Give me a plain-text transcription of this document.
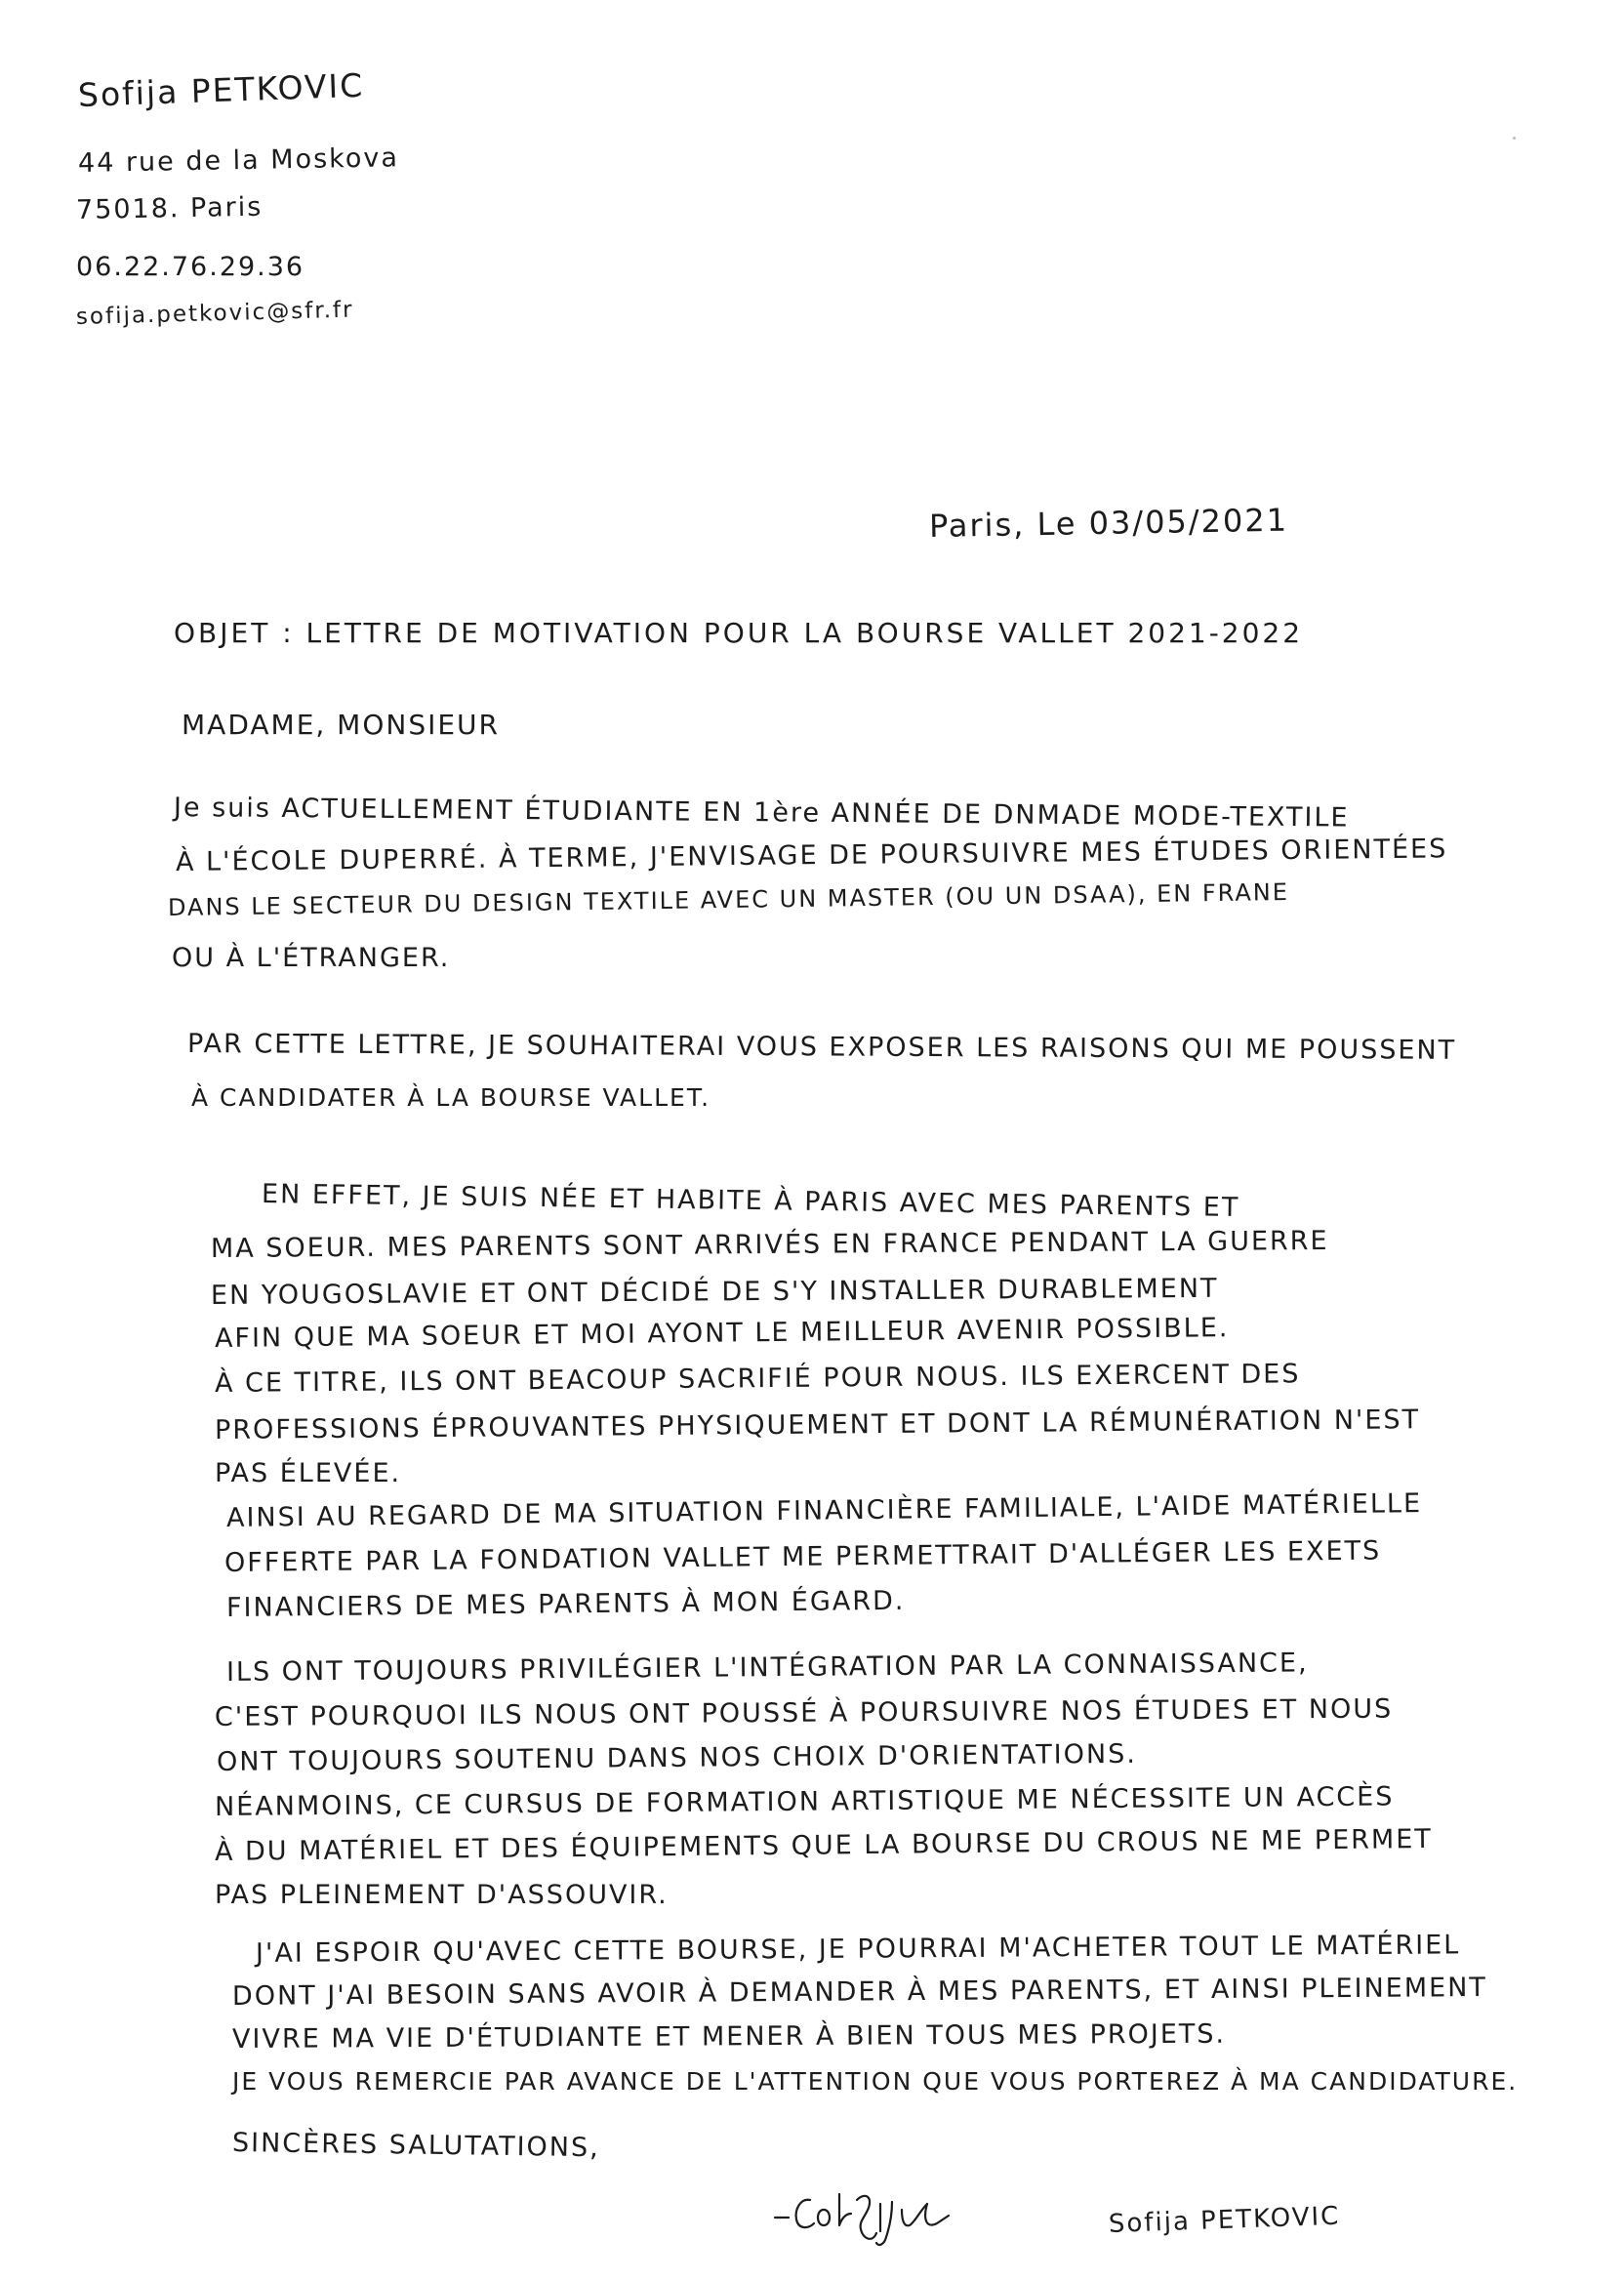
Sofija PETKOVIC
44 rue de la Moskova
75018. Paris
06.22.76.29.36
sofija.petkovic@sfr.fr
Paris, Le 03/05/2021
OBJET : LETTRE DE MOTIVATION POUR LA BOURSE VALLET 2021-2022
MADAME, MONSIEUR
Je suis ACTUELLEMENT ÉTUDIANTE EN 1ère ANNÉE DE DNMADE MODE-TEXTILE
À L'ÉCOLE DUPERRÉ. À TERME, J'ENVISAGE DE POURSUIVRE MES ÉTUDES ORIENTÉES
DANS LE SECTEUR DU DESIGN TEXTILE AVEC UN MASTER (OU UN DSAA), EN FRANE
OU À L'ÉTRANGER.
PAR CETTE LETTRE, JE SOUHAITERAI VOUS EXPOSER LES RAISONS QUI ME POUSSENT
À CANDIDATER À LA BOURSE VALLET.
EN EFFET, JE SUIS NÉE ET HABITE À PARIS AVEC MES PARENTS ET
MA SOEUR. MES PARENTS SONT ARRIVÉS EN FRANCE PENDANT LA GUERRE
EN YOUGOSLAVIE ET ONT DÉCIDÉ DE S'Y INSTALLER DURABLEMENT
AFIN QUE MA SOEUR ET MOI AYONT LE MEILLEUR AVENIR POSSIBLE.
À CE TITRE, ILS ONT BEACOUP SACRIFIÉ POUR NOUS. ILS EXERCENT DES
PROFESSIONS ÉPROUVANTES PHYSIQUEMENT ET DONT LA RÉMUNÉRATION N'EST
PAS ÉLEVÉE.
AINSI AU REGARD DE MA SITUATION FINANCIÈRE FAMILIALE, L'AIDE MATÉRIELLE
OFFERTE PAR LA FONDATION VALLET ME PERMETTRAIT D'ALLÉGER LES EXETS
FINANCIERS DE MES PARENTS À MON ÉGARD.
ILS ONT TOUJOURS PRIVILÉGIER L'INTÉGRATION PAR LA CONNAISSANCE,
C'EST POURQUOI ILS NOUS ONT POUSSÉ À POURSUIVRE NOS ÉTUDES ET NOUS
ONT TOUJOURS SOUTENU DANS NOS CHOIX D'ORIENTATIONS.
NÉANMOINS, CE CURSUS DE FORMATION ARTISTIQUE ME NÉCESSITE UN ACCÈS
À DU MATÉRIEL ET DES ÉQUIPEMENTS QUE LA BOURSE DU CROUS NE ME PERMET
PAS PLEINEMENT D'ASSOUVIR.
J'AI ESPOIR QU'AVEC CETTE BOURSE, JE POURRAI M'ACHETER TOUT LE MATÉRIEL
DONT J'AI BESOIN SANS AVOIR À DEMANDER À MES PARENTS, ET AINSI PLEINEMENT
VIVRE MA VIE D'ÉTUDIANTE ET MENER À BIEN TOUS MES PROJETS.
JE VOUS REMERCIE PAR AVANCE DE L'ATTENTION QUE VOUS PORTEREZ À MA CANDIDATURE.
SINCÈRES SALUTATIONS,
Sofija PETKOVIC
